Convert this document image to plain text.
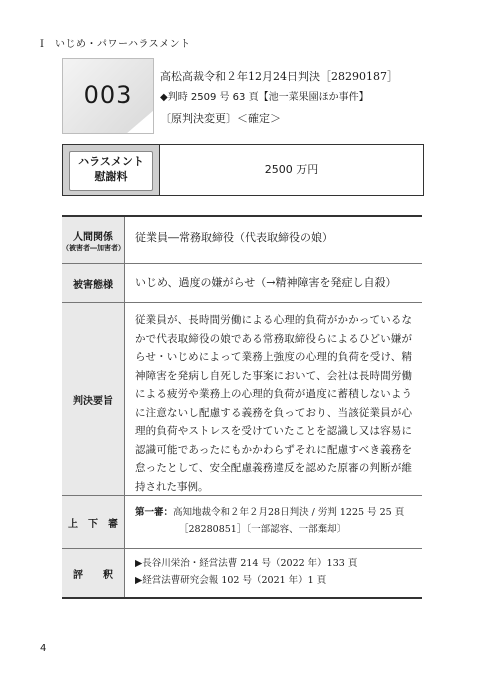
Ⅰ　いじめ・パワーハラスメント
003
高松高裁令和２年12月24日判決［28290187］
◆判時 2509 号 63 頁【池一菜果園ほか事件】
〔原判決変更〕＜確定＞
ハラスメント
慰謝料
2500 万円
人間関係
（被害者―加害者）
従業員―常務取締役（代表取締役の娘）
被害態様	いじめ、過度の嫌がらせ（→精神障害を発症し自殺）
判決要旨
従業員が、長時間労働による心理的負荷がかかっているなかで代表取締役の娘である常務取締役らによるひどい嫌がらせ・いじめによって業務上強度の心理的負荷を受け、精神障害を発病し自死した事案において、会社は長時間労働による疲労や業務上の心理的負荷が過度に蓄積しないように注意ないし配慮する義務を負っており、当該従業員が心理的負荷やストレスを受けていたことを認識し又は容易に認識可能であったにもかかわらずそれに配慮すべき義務を怠ったとして、安全配慮義務違反を認めた原審の判断が維持された事例。
上　下　審
第一審：高知地裁令和２年２月28日判決 / 労判 1225 号 25 頁
［28280851］〔一部認容、一部棄却〕
評　　釈
▶長谷川栄治・経営法曹 214 号（2022 年）133 頁
▶経営法曹研究会報 102 号（2021 年）1 頁
4
